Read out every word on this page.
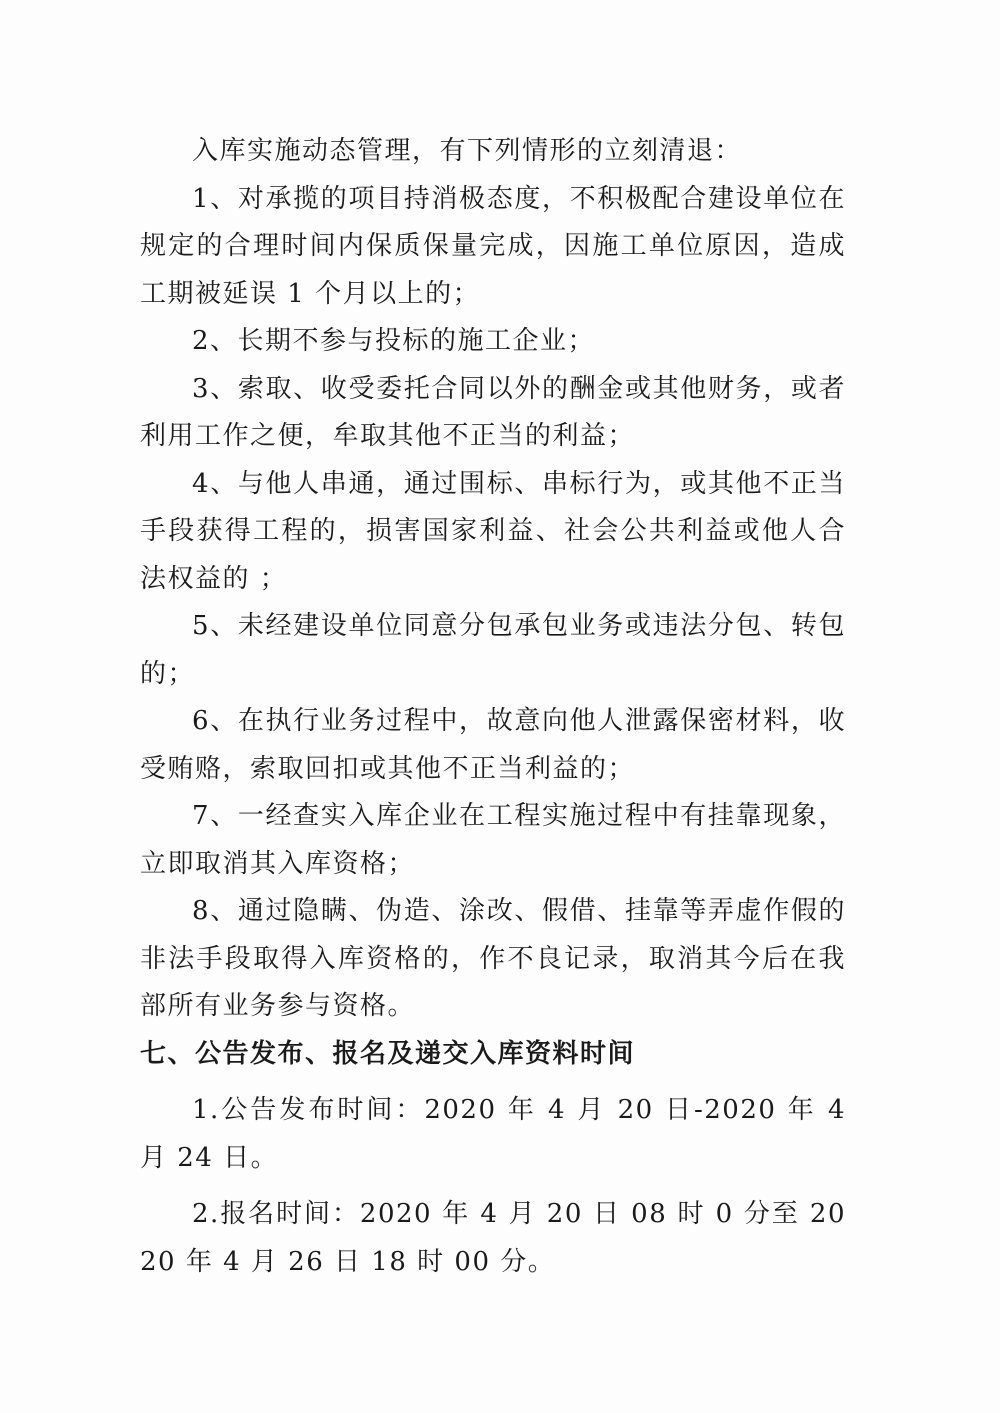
入库实施动态管理，有下列情形的立刻清退：

1、对承揽的项目持消极态度，不积极配合建设单位在规定的合理时间内保质保量完成，因施工单位原因，造成工期被延误 1 个月以上的；

2、长期不参与投标的施工企业；

3、索取、收受委托合同以外的酬金或其他财务，或者利用工作之便，牟取其他不正当的利益；

4、与他人串通，通过围标、串标行为，或其他不正当手段获得工程的，损害国家利益、社会公共利益或他人合法权益的 ；

5、未经建设单位同意分包承包业务或违法分包、转包的；

6、在执行业务过程中，故意向他人泄露保密材料，收受贿赂，索取回扣或其他不正当利益的；

7、一经查实入库企业在工程实施过程中有挂靠现象，立即取消其入库资格；

8、通过隐瞒、伪造、涂改、假借、挂靠等弄虚作假的非法手段取得入库资格的，作不良记录，取消其今后在我部所有业务参与资格。

七、公告发布、报名及递交入库资料时间

1.公告发布时间：2020 年 4 月 20 日-2020 年 4 月 24 日。

2.报名时间：2020 年 4 月 20 日 08 时 0 分至 2020 年 4 月 26 日 18 时 00 分。
